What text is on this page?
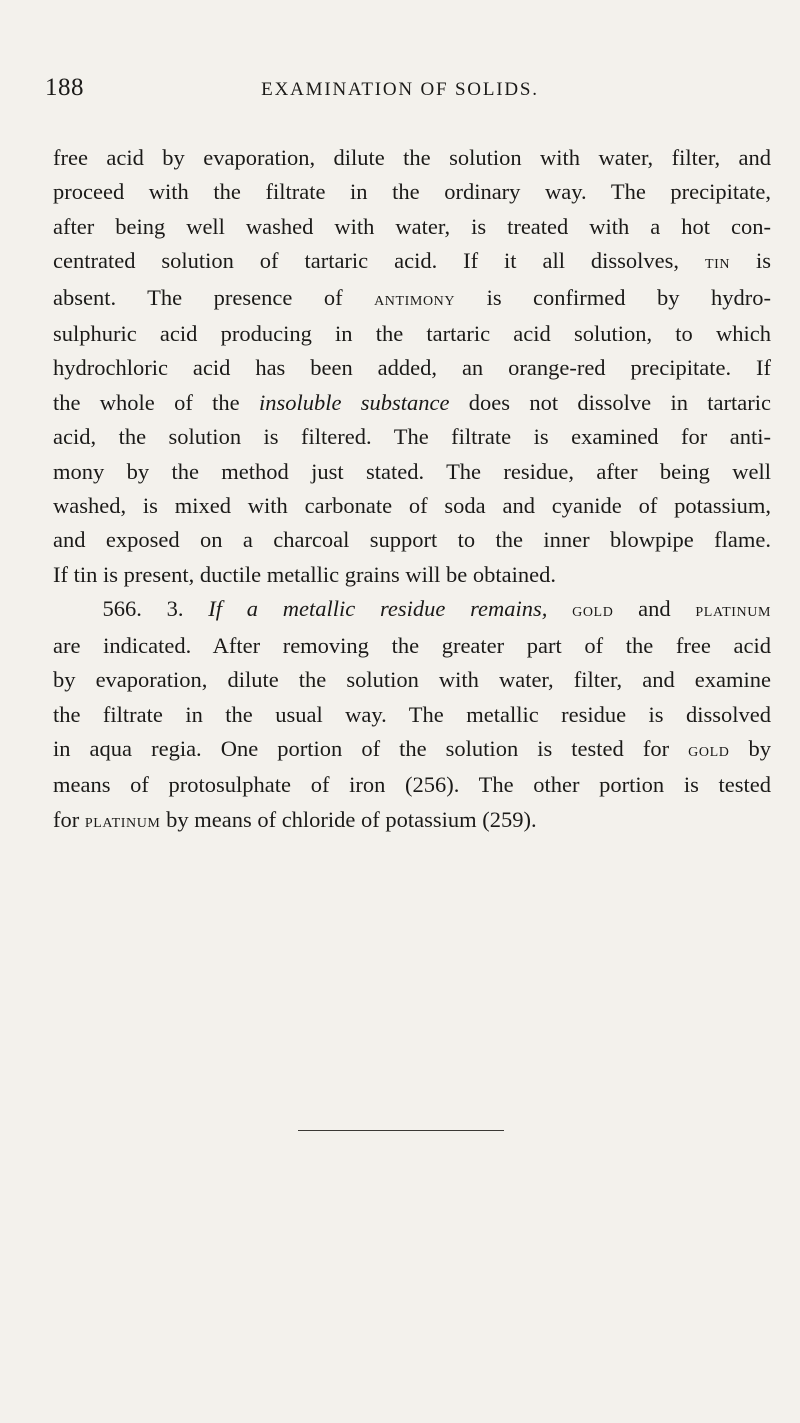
188	EXAMINATION OF SOLIDS.
free acid by evaporation, dilute the solution with water, filter, and
proceed with the filtrate in the ordinary way. The precipitate,
after being well washed with water, is treated with a hot con-
centrated solution of tartaric acid. If it all dissolves, tin is
absent. The presence of antimony is confirmed by hydro-
sulphuric acid producing in the tartaric acid solution, to which
hydrochloric acid has been added, an orange-red precipitate. If
the whole of the insoluble substance does not dissolve in tartaric
acid, the solution is filtered. The filtrate is examined for anti-
mony by the method just stated. The residue, after being well
washed, is mixed with carbonate of soda and cyanide of potassium,
and exposed on a charcoal support to the inner blowpipe flame.
If tin is present, ductile metallic grains will be obtained.
566. 3. If a metallic residue remains, gold and platinum
are indicated. After removing the greater part of the free acid
by evaporation, dilute the solution with water, filter, and examine
the filtrate in the usual way. The metallic residue is dissolved
in aqua regia. One portion of the solution is tested for gold by
means of protosulphate of iron (256). The other portion is tested
for platinum by means of chloride of potassium (259).
